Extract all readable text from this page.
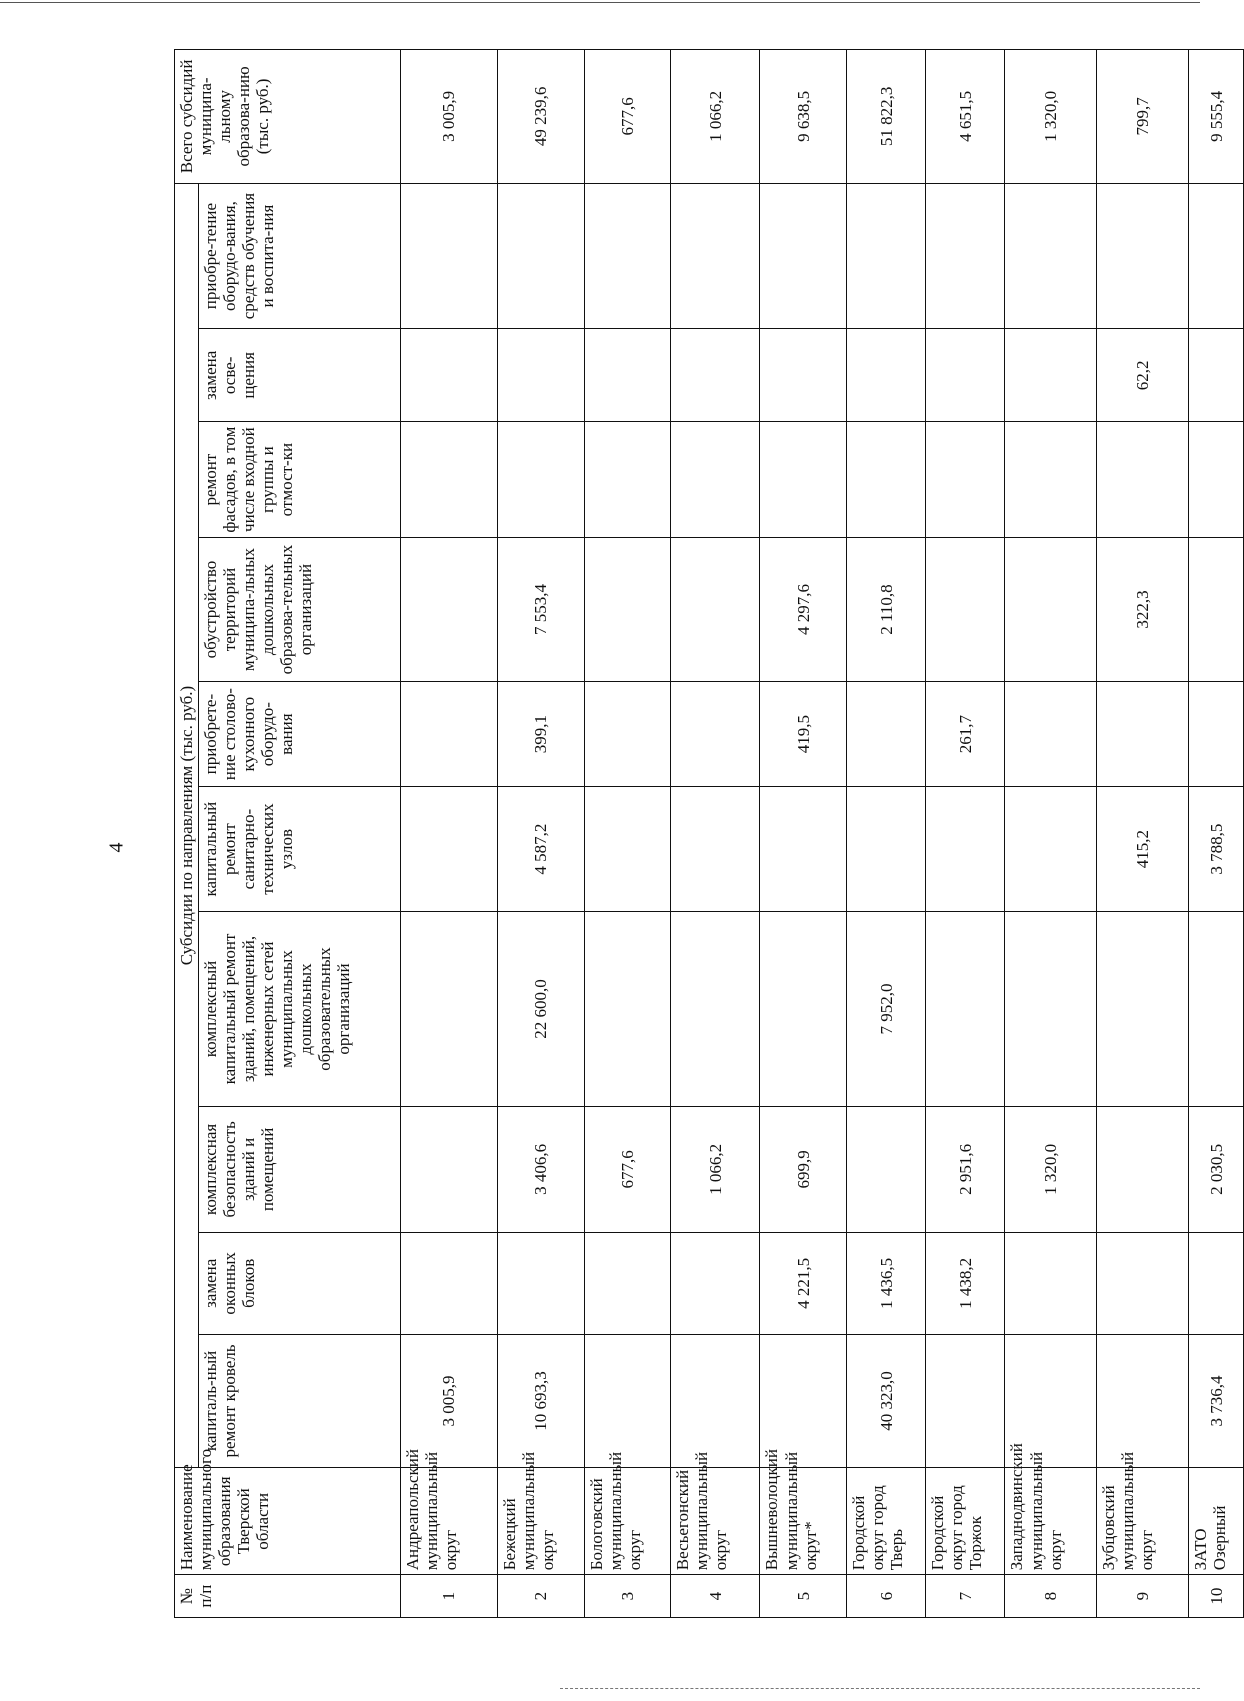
4
№ п/п	Наименование муниципального образования Тверской области	Субсидии по направлениям (тыс. руб.)										Всего субсидий муниципа-льному образова-нию (тыс. руб.)
		капиталь-ный ремонт кровель	замена оконных блоков	комплексная безопасность зданий и помещений	комплексный капитальный ремонт зданий, помещений, инженерных сетей муниципальных дошкольных образовательных организаций	капитальный ремонт санитарно-технических узлов	приобрете-ние столово-кухонного оборудо-вания	обустройство территорий муниципа-льных дошкольных образова-тельных организаций	ремонт фасадов, в том числе входной группы и отмост-ки	замена осве-щения	приобре-тение оборудо-вания, средств обучения и воспита-ния	
1	Андреапольский муниципальный округ	3 005,9										3 005,9
2	Бежецкий муниципальный округ	10 693,3		3 406,6	22 600,0	4 587,2	399,1	7 553,4				49 239,6
3	Бологовский муниципальный округ			677,6								677,6
4	Весьегонский муниципальный округ			1 066,2								1 066,2
5	Вышневолоцкий муниципальный округ*		4 221,5	699,9			419,5	4 297,6				9 638,5
6	Городской округ город Тверь	40 323,0	1 436,5		7 952,0			2 110,8				51 822,3
7	Городской округ город Торжок		1 438,2	2 951,6			261,7					4 651,5
8	Западнодвинский муниципальный округ			1 320,0								1 320,0
9	Зубцовский муниципальный округ					415,2		322,3		62,2		799,7
10	ЗАТО Озерный	3 736,4		2 030,5		3 788,5						9 555,4
